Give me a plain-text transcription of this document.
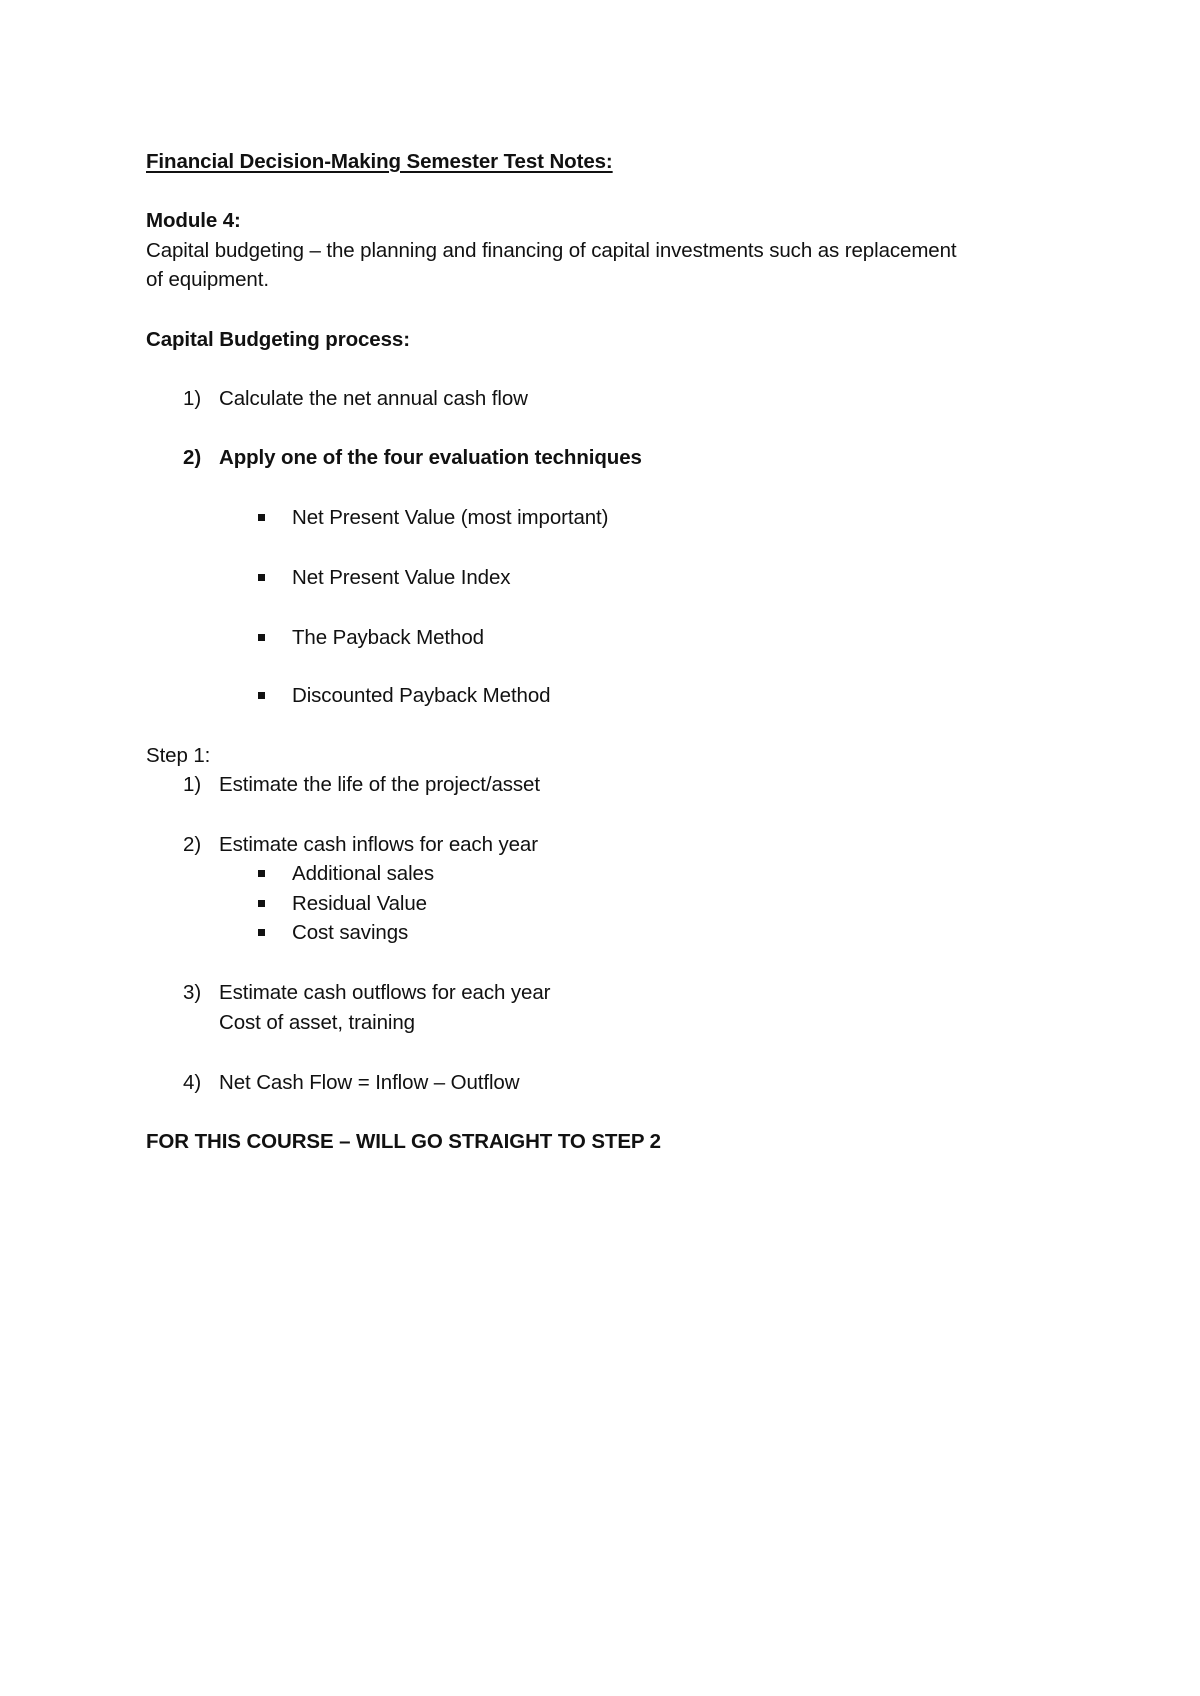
Financial Decision-Making Semester Test Notes:
Module 4:
Capital budgeting – the planning and financing of capital investments such as replacement
of equipment.
Capital Budgeting process:
1) Calculate the net annual cash flow
2) Apply one of the four evaluation techniques
Net Present Value (most important)
Net Present Value Index
The Payback Method
Discounted Payback Method
Step 1:
1) Estimate the life of the project/asset
2) Estimate cash inflows for each year
Additional sales
Residual Value
Cost savings
3) Estimate cash outflows for each year
Cost of asset, training
4) Net Cash Flow = Inflow – Outflow
FOR THIS COURSE – WILL GO STRAIGHT TO STEP 2
